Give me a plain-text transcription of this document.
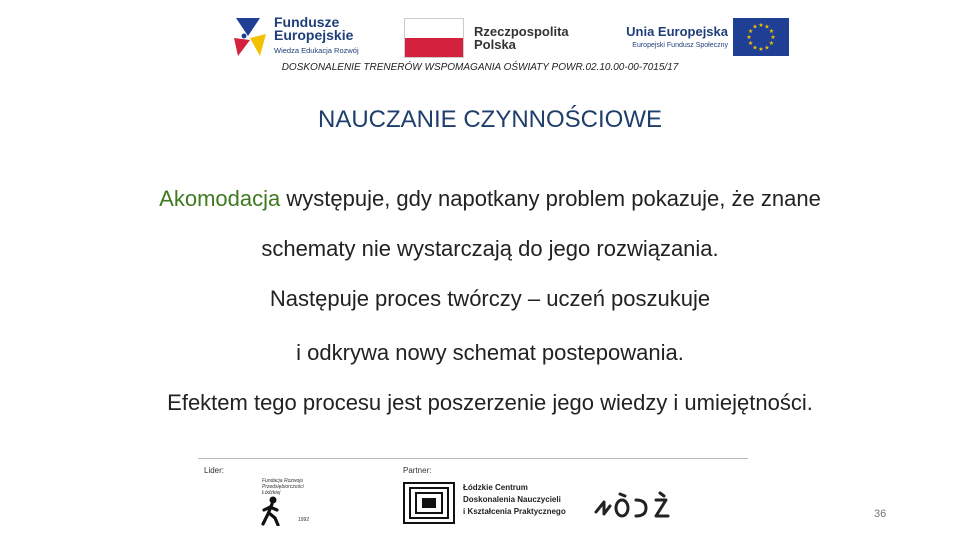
Fundusze
Europejskie
Wiedza Edukacja Rozwój
Rzeczpospolita
Polska
Unia Europejska
Europejski Fundusz Społeczny
★ ★
★
★
★
★
★
★
★
★
★
★
DOSKONALENIE TRENERÓW WSPOMAGANIA OŚWIATY POWR.02.10.00-00-7015/17
NAUCZANIE CZYNNOŚCIOWE
Akomodacja występuje, gdy napotkany problem pokazuje, że znane
schematy nie wystarczają do jego rozwiązania.
Następuje proces twórczy – uczeń poszukuje
i odkrywa nowy schemat postepowania.
Efektem tego procesu jest poszerzenie jego wiedzy i umiejętności.
Lider:	Partner:
Fundacja Rozwoju
Przedsiębiorczości
Łódzkiej
1992
Łódzkie Centrum
Doskonalenia Nauczycieli
i Kształcenia Praktycznego	36
